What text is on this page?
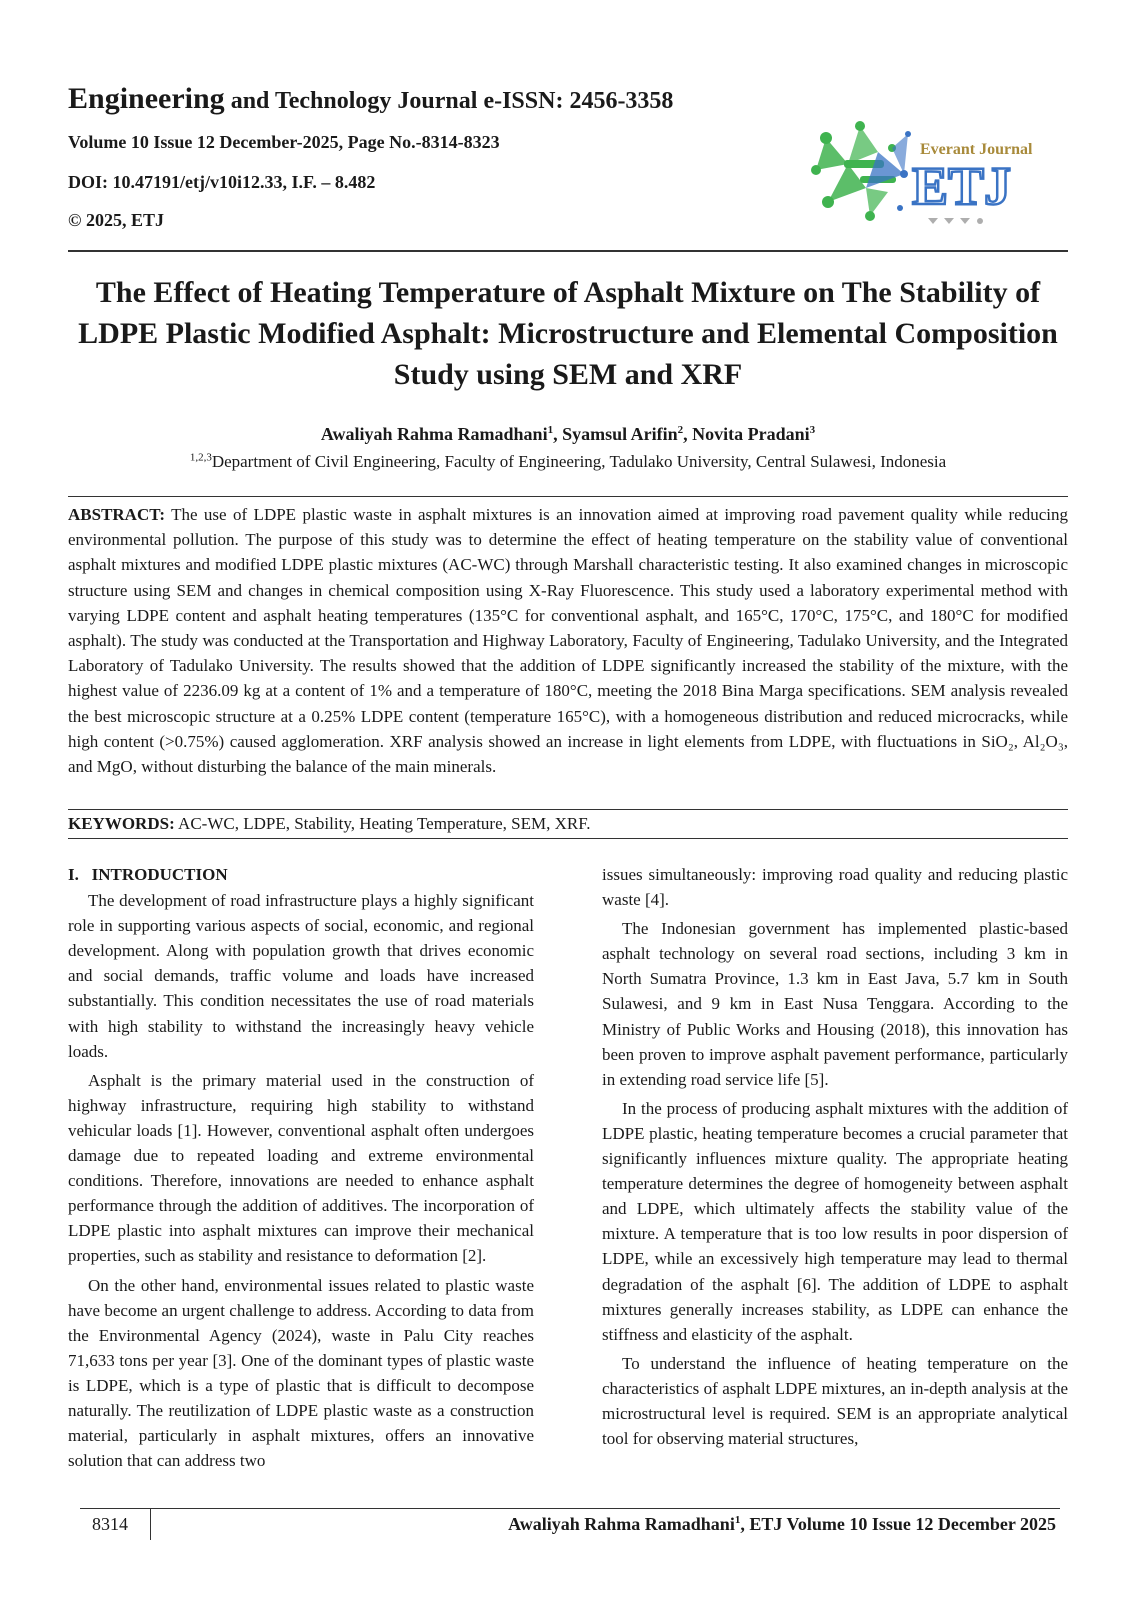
Engineering and Technology Journal e-ISSN: 2456-3358
Volume 10 Issue 12 December-2025, Page No.-8314-8323
DOI: 10.47191/etj/v10i12.33, I.F. – 8.482
© 2025, ETJ
Everant Journal
ETJ
The Effect of Heating Temperature of Asphalt Mixture on The Stability of LDPE Plastic Modified Asphalt: Microstructure and Elemental Composition Study using SEM and XRF
Awaliyah Rahma Ramadhani$^1$, Syamsul Arifin$^2$, Novita Pradani$^3$
$^{1,2,3}$Department of Civil Engineering, Faculty of Engineering, Tadulako University, Central Sulawesi, Indonesia
ABSTRACT: The use of LDPE plastic waste in asphalt mixtures is an innovation aimed at improving road pavement quality while reducing environmental pollution. The purpose of this study was to determine the effect of heating temperature on the stability value of conventional asphalt mixtures and modified LDPE plastic mixtures (AC-WC) through Marshall characteristic testing. It also examined changes in microscopic structure using SEM and changes in chemical composition using X-Ray Fluorescence. This study used a laboratory experimental method with varying LDPE content and asphalt heating temperatures (135°C for conventional asphalt, and 165°C, 170°C, 175°C, and 180°C for modified asphalt). The study was conducted at the Transportation and Highway Laboratory, Faculty of Engineering, Tadulako University, and the Integrated Laboratory of Tadulako University. The results showed that the addition of LDPE significantly increased the stability of the mixture, with the highest value of 2236.09 kg at a content of 1% and a temperature of 180°C, meeting the 2018 Bina Marga specifications. SEM analysis revealed the best microscopic structure at a 0.25% LDPE content (temperature 165°C), with a homogeneous distribution and reduced microcracks, while high content (>0.75%) caused agglomeration. XRF analysis showed an increase in light elements from LDPE, with fluctuations in SiO₂, Al₂O₃, and MgO, without disturbing the balance of the main minerals.
KEYWORDS: AC-WC, LDPE, Stability, Heating Temperature, SEM, XRF.
I.   INTRODUCTION

The development of road infrastructure plays a highly significant role in supporting various aspects of social, economic, and regional development. Along with population growth that drives economic and social demands, traffic volume and loads have increased substantially. This condition necessitates the use of road materials with high stability to withstand the increasingly heavy vehicle loads.

Asphalt is the primary material used in the construction of highway infrastructure, requiring high stability to withstand vehicular loads [1]. However, conventional asphalt often undergoes damage due to repeated loading and extreme environmental conditions. Therefore, innovations are needed to enhance asphalt performance through the addition of additives. The incorporation of LDPE plastic into asphalt mixtures can improve their mechanical properties, such as stability and resistance to deformation [2].

On the other hand, environmental issues related to plastic waste have become an urgent challenge to address. According to data from the Environmental Agency (2024), waste in Palu City reaches 71,633 tons per year [3]. One of the dominant types of plastic waste is LDPE, which is a type of plastic that is difficult to decompose naturally. The reutilization of LDPE plastic waste as a construction material, particularly in asphalt mixtures, offers an innovative solution that can address two

issues simultaneously: improving road quality and reducing plastic waste [4].

The Indonesian government has implemented plastic-based asphalt technology on several road sections, including 3 km in North Sumatra Province, 1.3 km in East Java, 5.7 km in South Sulawesi, and 9 km in East Nusa Tenggara. According to the Ministry of Public Works and Housing (2018), this innovation has been proven to improve asphalt pavement performance, particularly in extending road service life [5].

In the process of producing asphalt mixtures with the addition of LDPE plastic, heating temperature becomes a crucial parameter that significantly influences mixture quality. The appropriate heating temperature determines the degree of homogeneity between asphalt and LDPE, which ultimately affects the stability value of the mixture. A temperature that is too low results in poor dispersion of LDPE, while an excessively high temperature may lead to thermal degradation of the asphalt [6]. The addition of LDPE to asphalt mixtures generally increases stability, as LDPE can enhance the stiffness and elasticity of the asphalt.

To understand the influence of heating temperature on the characteristics of asphalt LDPE mixtures, an in-depth analysis at the microstructural level is required. SEM is an appropriate analytical tool for observing material structures,

8314	Awaliyah Rahma Ramadhani$^1$, ETJ Volume 10 Issue 12 December 2025
